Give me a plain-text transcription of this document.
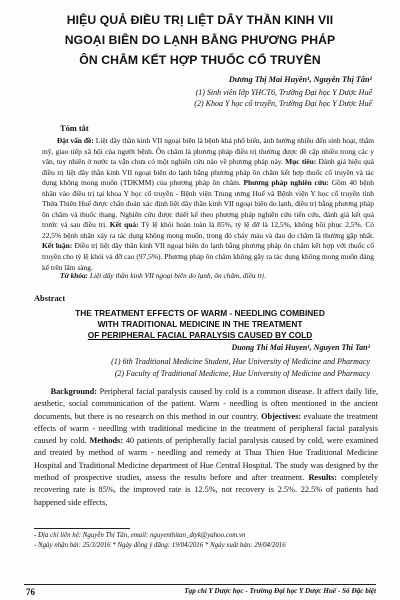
HIỆU QUẢ ĐIỀU TRỊ LIỆT DÂY THẦN KINH VII
NGOẠI BIÊN DO LẠNH BẰNG PHƯƠNG PHÁP
ÔN CHÂM KẾT HỢP THUỐC CỔ TRUYỀN
Dương Thị Mai Huyền¹, Nguyễn Thị Tân²
(1) Sinh viên lớp YHCT6, Trường Đại học Y Dược Huế
(2) Khoa Y học cổ truyền, Trường Đại học Y Dược Huế
Tóm tắt
  Đặt vấn đề: Liệt dây thần kinh VII ngoại biên là bệnh khá phổ biến, ảnh hưởng nhiều đến sinh hoạt, thẩm mỹ, giao tiếp xã hội của người bệnh. Ôn châm là phương pháp điều trị thường được đề cập nhiều trong các y văn, tuy nhiên ở nước ta vẫn chưa có một nghiên cứu nào về phương pháp này. Mục tiêu: Đánh giá hiệu quả điều trị liệt dây thần kinh VII ngoại biên do lạnh bằng phương pháp ôn châm kết hợp thuốc cổ truyền và tác dụng không mong muốn (TDKMM) của phương pháp ôn châm. Phương pháp nghiên cứu: Gồm 40 bệnh nhân vào điều trị tại khoa Y học cổ truyền - Bệnh viện Trung ương Huế và Bệnh viện Y học cổ truyền tỉnh Thừa Thiên Huế được chẩn đoán xác định liệt dây thần kinh VII ngoại biên do lạnh, điều trị bằng phương pháp ôn châm và thuốc thang. Nghiên cứu được thiết kế theo phương pháp nghiên cứu tiến cứu, đánh giá kết quả trước và sau điều trị. Kết quả: Tỷ lệ khỏi hoàn toàn là 85%, tỷ lệ đỡ là 12,5%, không hồi phục 2,5%. Có 22,5% bệnh nhân xảy ra tác dụng không mong muốn, trong đó chảy máu và đau do châm là thường gặp nhất. Kết luận: Điều trị liệt dây thần kinh VII ngoại biên do lạnh bằng phương pháp ôn châm kết hợp với thuốc cổ truyền cho tỷ lệ khỏi và đỡ cao (97,5%). Phương pháp ôn châm không gây ra tác dụng không mong muốn đáng kể trên lâm sàng.
Từ khóa: Liệt dây thần kinh VII ngoại biên do lạnh, ôn châm, điều trị.
Abstract
THE TREATMENT EFFECTS OF WARM - NEEDLING COMBINED
WITH TRADITIONAL MEDICINE IN THE TREATMENT
OF PERIPHERAL FACIAL PARALYSIS CAUSED BY COLD
Duong Thi Mai Huyen¹, Nguyen Thi Tan²
(1) 6th Traditional Medicine Student, Hue University of Medicine and Pharmacy
(2) Faculty of Traditional Medicine, Hue University of Medicine and Pharmacy
  Background: Peripheral facial paralysis caused by cold is a common disease. It affect daily life, aesthetic, social communication of the patient. Warm - needling is often mentioned in the ancient documents, but there is no research on this method in our country. Objectives: evaluate the treatment effects of warm - needling with traditional medicine in the treatment of peripheral facial paralysis caused by cold. Methods: 40 patients of peripherally facial paralysis caused by cold, were examined and treated by method of warm - needling and remedy at Thua Thien Hue Traditional Medicine Hospital and Traditional Medicine department of Hue Central Hospital. The study was designed by the method of prospective studies, assess the results before and after treatment. Results: completely recovering rate is 85%, the improved rate is 12.5%, not recovery is 2.5%. 22.5% of patients had happened side effects,
- Địa chỉ liên hệ: Nguyễn Thị Tân, email: nguyenthitan_dtyk@yahoo.com.vn
- Ngày nhận bài: 25/3/2016 * Ngày đồng ý đăng: 19/04/2016 * Ngày xuất bản: 29/04/2016
76	Tạp chí Y Dược học - Trường Đại học Y Dược Huế - Số Đặc biệt
